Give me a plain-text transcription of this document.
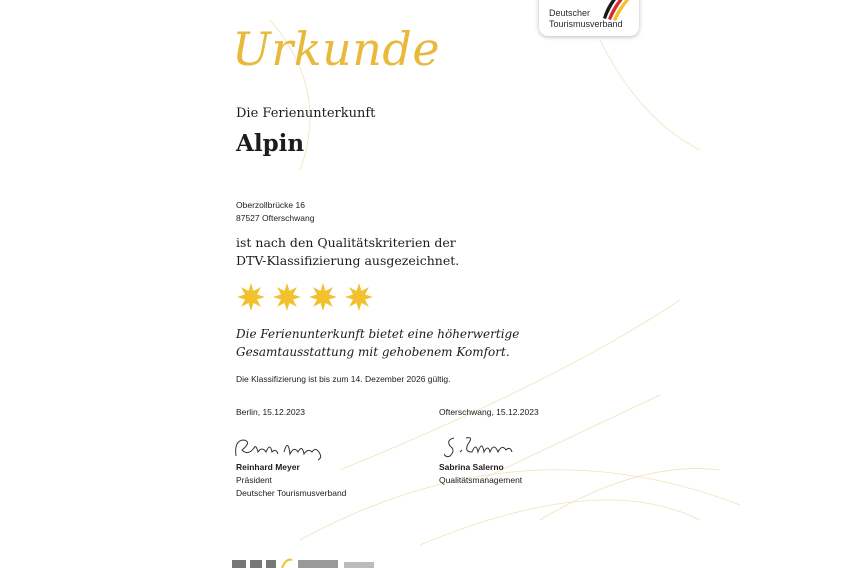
Deutscher
Tourismusverband
Urkunde
Die Ferienunterkunft
Alpin
Oberzollbrücke 16
87527 Ofterschwang
ist nach den Qualitätskriterien der
DTV-Klassifizierung ausgezeichnet.
Die Ferienunterkunft bietet eine höherwertige
Gesamtausstattung mit gehobenem Komfort.
Die Klassifizierung ist bis zum 14. Dezember 2026 gültig.
Berlin, 15.12.2023	Ofterschwang, 15.12.2023
Reinhard Meyer
Präsident
Deutscher Tourismusverband
Sabrina Salerno
Qualitätsmanagement
